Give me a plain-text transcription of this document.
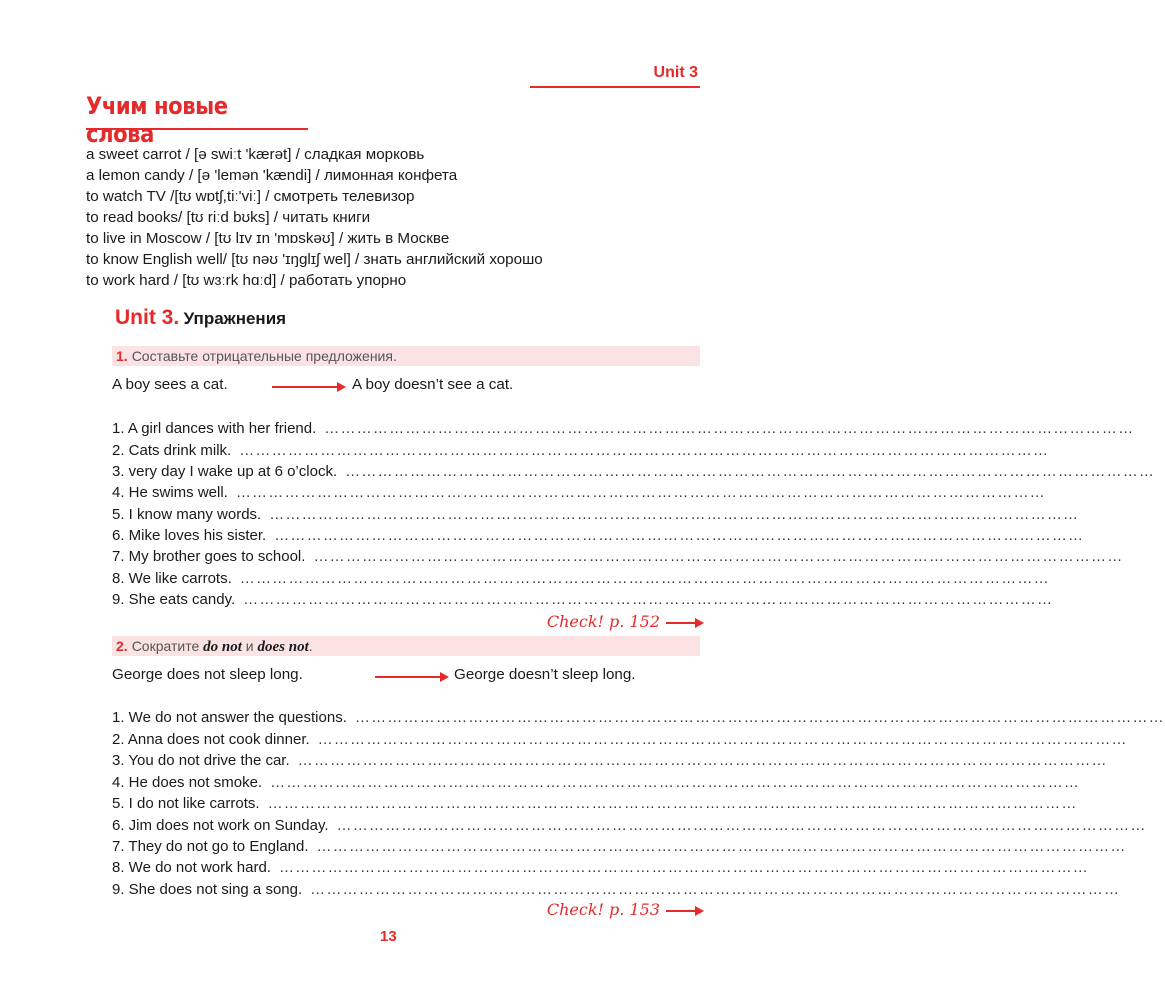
Unit 3
Учим новые слова
a sweet carrot / [ə swiːt 'kærət] / сладкая морковь
a lemon candy / [ə 'lemən 'kændi] / лимонная конфета
to watch TV /[tʊ wɒtʃ,tiː'viː] / смотреть телевизор
to read books/ [tʊ riːd bʊks] / читать книги
to live in Moscow / [tʊ lɪv ɪn 'mɒskəʊ] / жить в Москве
to know English well/ [tʊ nəʊ 'ɪŋglɪʃ wel] / знать английский хорошо
to work hard / [tʊ wɜːrk hɑːd] / работать упорно
Unit 3. Упражнения
1. Составьте отрицательные предложения.
A boy sees a cat.	A boy doesn’t see a cat.
1. A girl dances with her friend. ……………………………………………………………………………………………………………………………………
2. Cats drink milk. ……………………………………………………………………………………………………………………………………
3. very day I wake up at 6 o’clock. ……………………………………………………………………………………………………………………………………
4. He swims well. ……………………………………………………………………………………………………………………………………
5. I know many words. ……………………………………………………………………………………………………………………………………
6. Mike loves his sister. ……………………………………………………………………………………………………………………………………
7. My brother goes to school. ……………………………………………………………………………………………………………………………………
8. We like carrots. ……………………………………………………………………………………………………………………………………
9. She eats candy. ……………………………………………………………………………………………………………………………………
Check! p. 152
2. Сократите do not и does not.
George does not sleep long.	George doesn’t sleep long.
1. We do not answer the questions. ……………………………………………………………………………………………………………………………………
2. Anna does not cook dinner. ……………………………………………………………………………………………………………………………………
3. You do not drive the car. ……………………………………………………………………………………………………………………………………
4. He does not smoke. ……………………………………………………………………………………………………………………………………
5. I do not like carrots. ……………………………………………………………………………………………………………………………………
6. Jim does not work on Sunday. ……………………………………………………………………………………………………………………………………
7. They do not go to England. ……………………………………………………………………………………………………………………………………
8. We do not work hard. ……………………………………………………………………………………………………………………………………
9. She does not sing a song. ……………………………………………………………………………………………………………………………………
Check! p. 153
13
